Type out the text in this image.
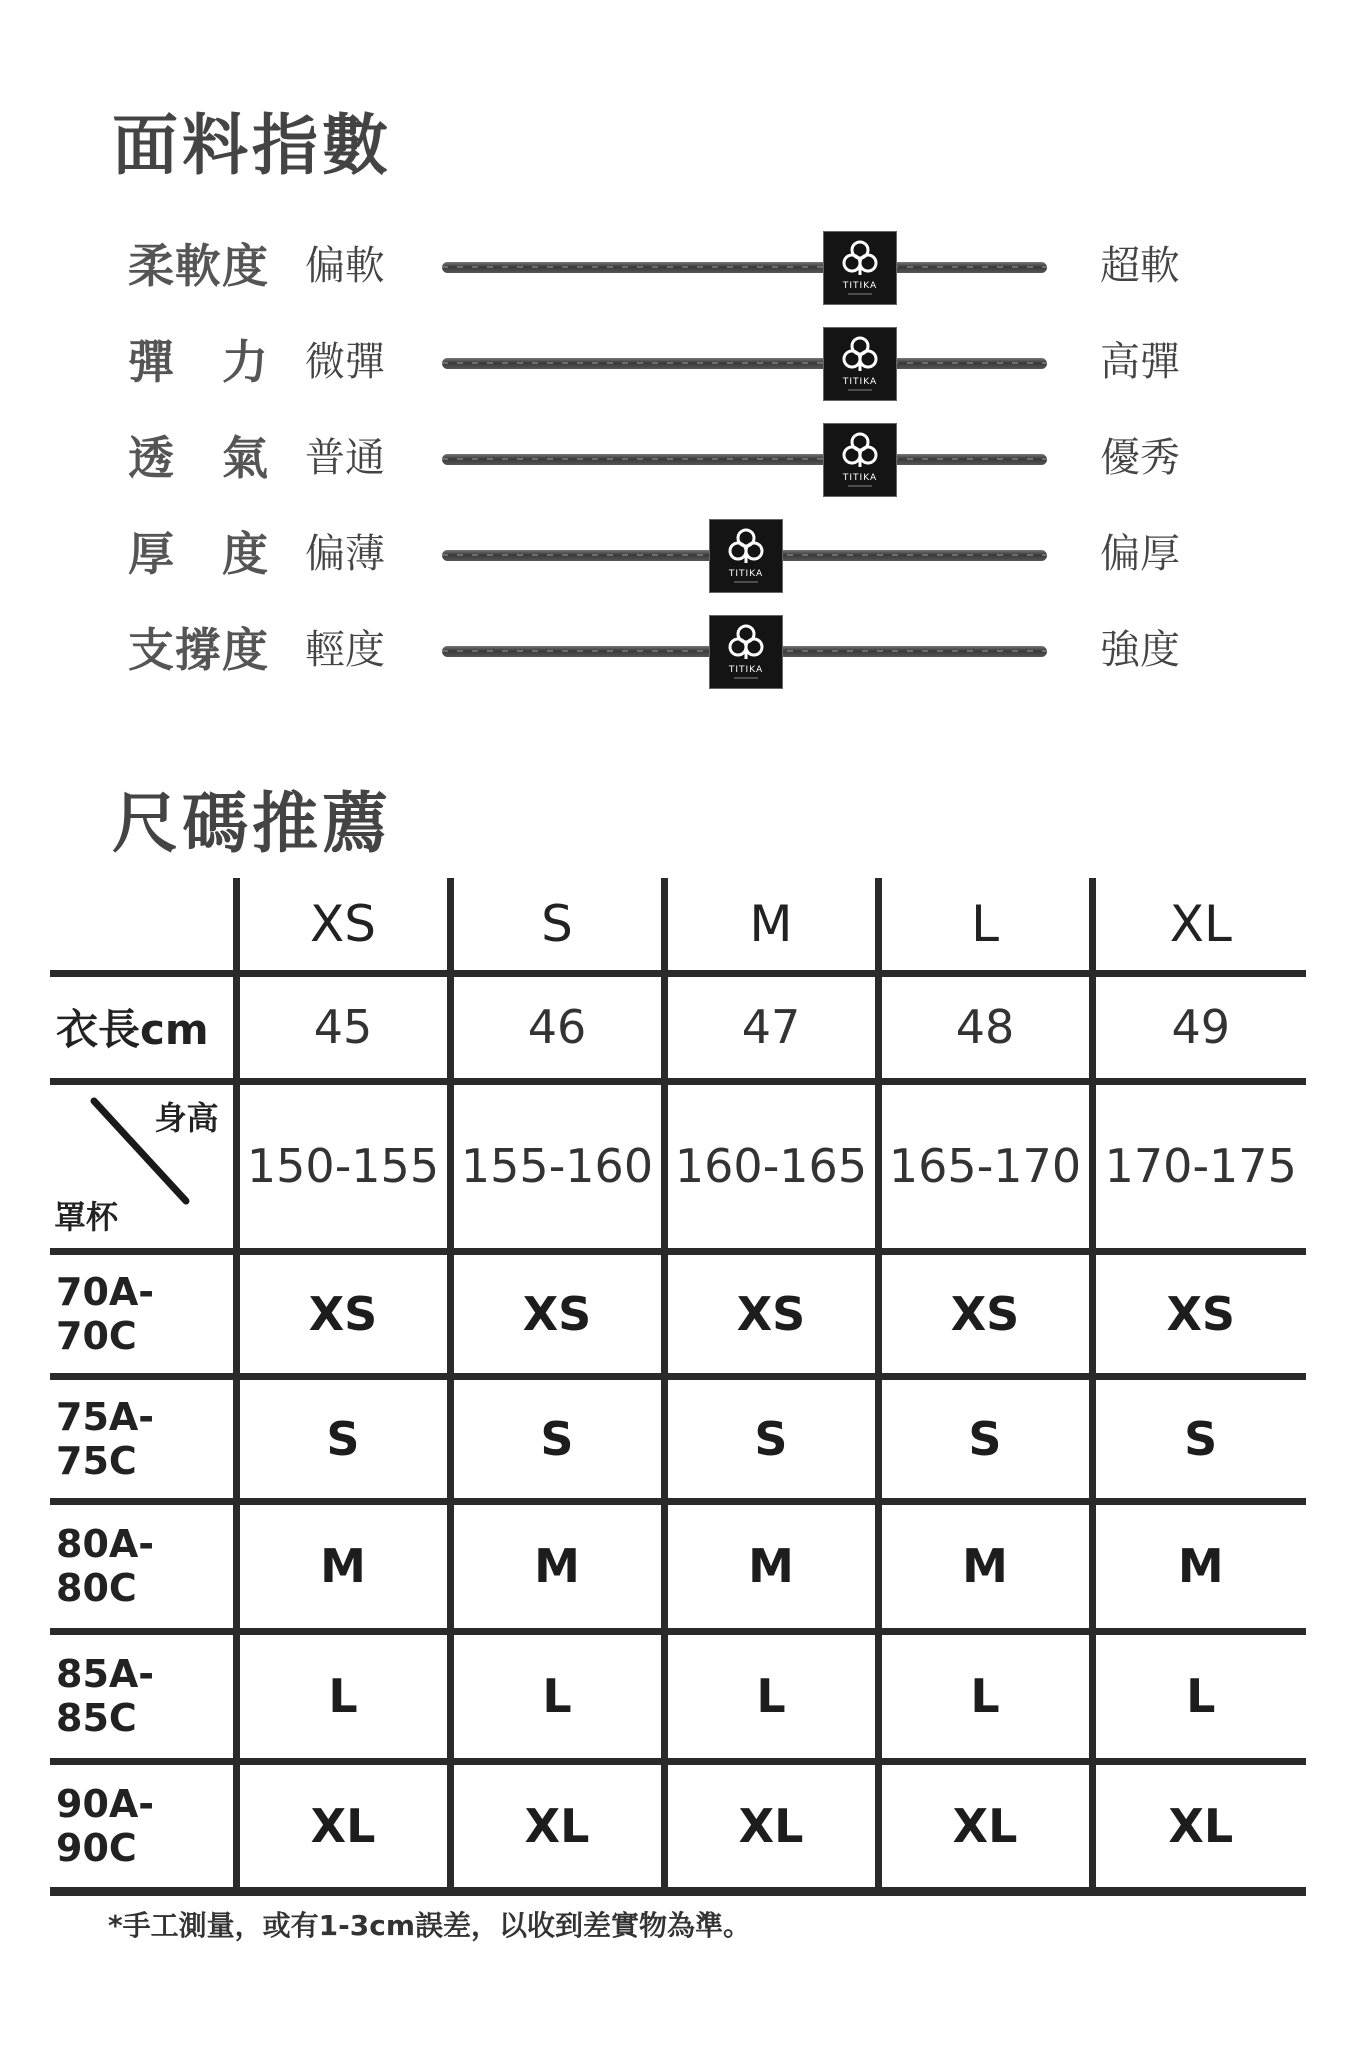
面料指數
柔軟度 偏軟	TITIKA	超軟
彈力 微彈	TITIKA	高彈
透氣 普通	TITIKA	優秀
厚度 偏薄	TITIKA	偏厚
支撐度 輕度	TITIKA	強度
尺碼推薦
	XS	S	M	L	XL
衣長cm	45	46	47	48	49

身高
罩杯	150-155	155-160	160-165	165-170	170-175
70A-70C	XS	XS	XS	XS	XS
75A-75C	S	S	S	S	S
80A-80C	M	M	M	M	M
85A-85C	L	L	L	L	L
90A-90C	XL	XL	XL	XL	XL

*手工測量，或有1-3cm誤差，以收到差實物為準。
